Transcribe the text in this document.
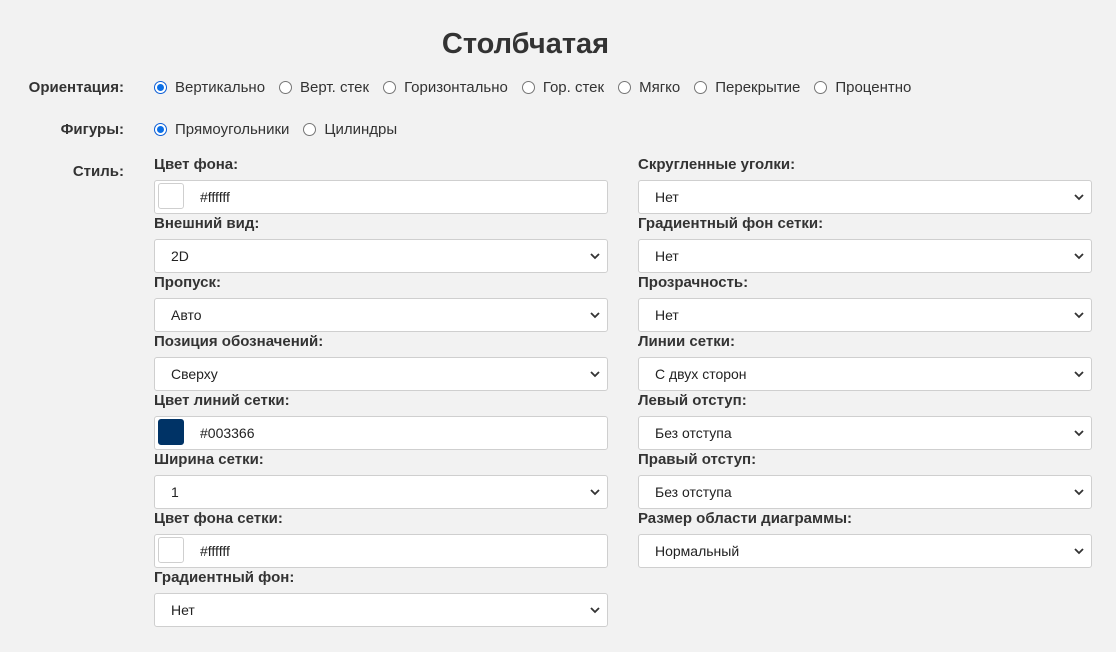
Столбчатая
Ориентация:	Вертикально Верт. стек Горизонтально Гор. стек Мягко Перекрытие Процентно
Фигуры:	Прямоугольники Цилиндры
Стиль: Цвет фона:
#ffffff
Внешний вид:
2D
Пропуск:
Авто
Позиция обозначений:
Сверху
Цвет линий сетки:
#003366
Ширина сетки:
1
Цвет фона сетки:
#ffffff
Градиентный фон:
Нет
Скругленные уголки:
Нет
Градиентный фон сетки:
Нет
Прозрачность:
Нет
Линии сетки:
С двух сторон
Левый отступ:
Без отступа
Правый отступ:
Без отступа
Размер области диаграммы:
Нормальный
